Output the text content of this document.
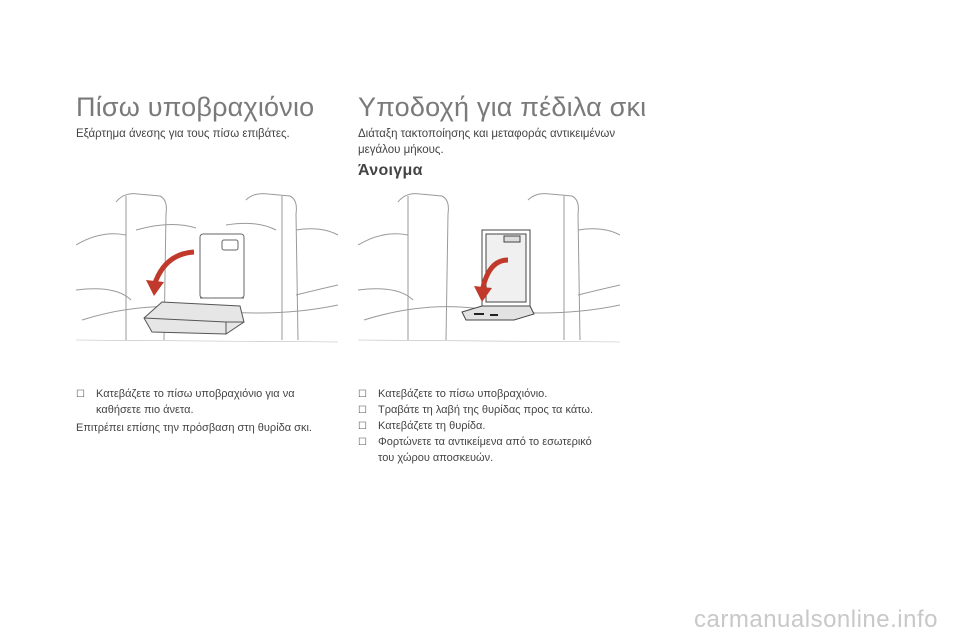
Πίσω υποβραχιόνιο

Εξάρτημα άνεσης για τους πίσω επιβάτες.

☐ Κατεβάζετε το πίσω υποβραχιόνιο για να καθήσετε πιο άνετα.

Επιτρέπει επίσης την πρόσβαση στη θυρίδα σκι.

Υποδοχή για πέδιλα σκι

Διάταξη τακτοποίησης και μεταφοράς αντικειμένων μεγάλου μήκους.

Άνοιγμα
☐ Κατεβάζετε το πίσω υποβραχιόνιο.
☐ Τραβάτε τη λαβή της θυρίδας προς τα κάτω.
☐ Κατεβάζετε τη θυρίδα.
☐ Φορτώνετε τα αντικείμενα από το εσωτερικό του χώρου αποσκευών.
carmanualsonline.info
